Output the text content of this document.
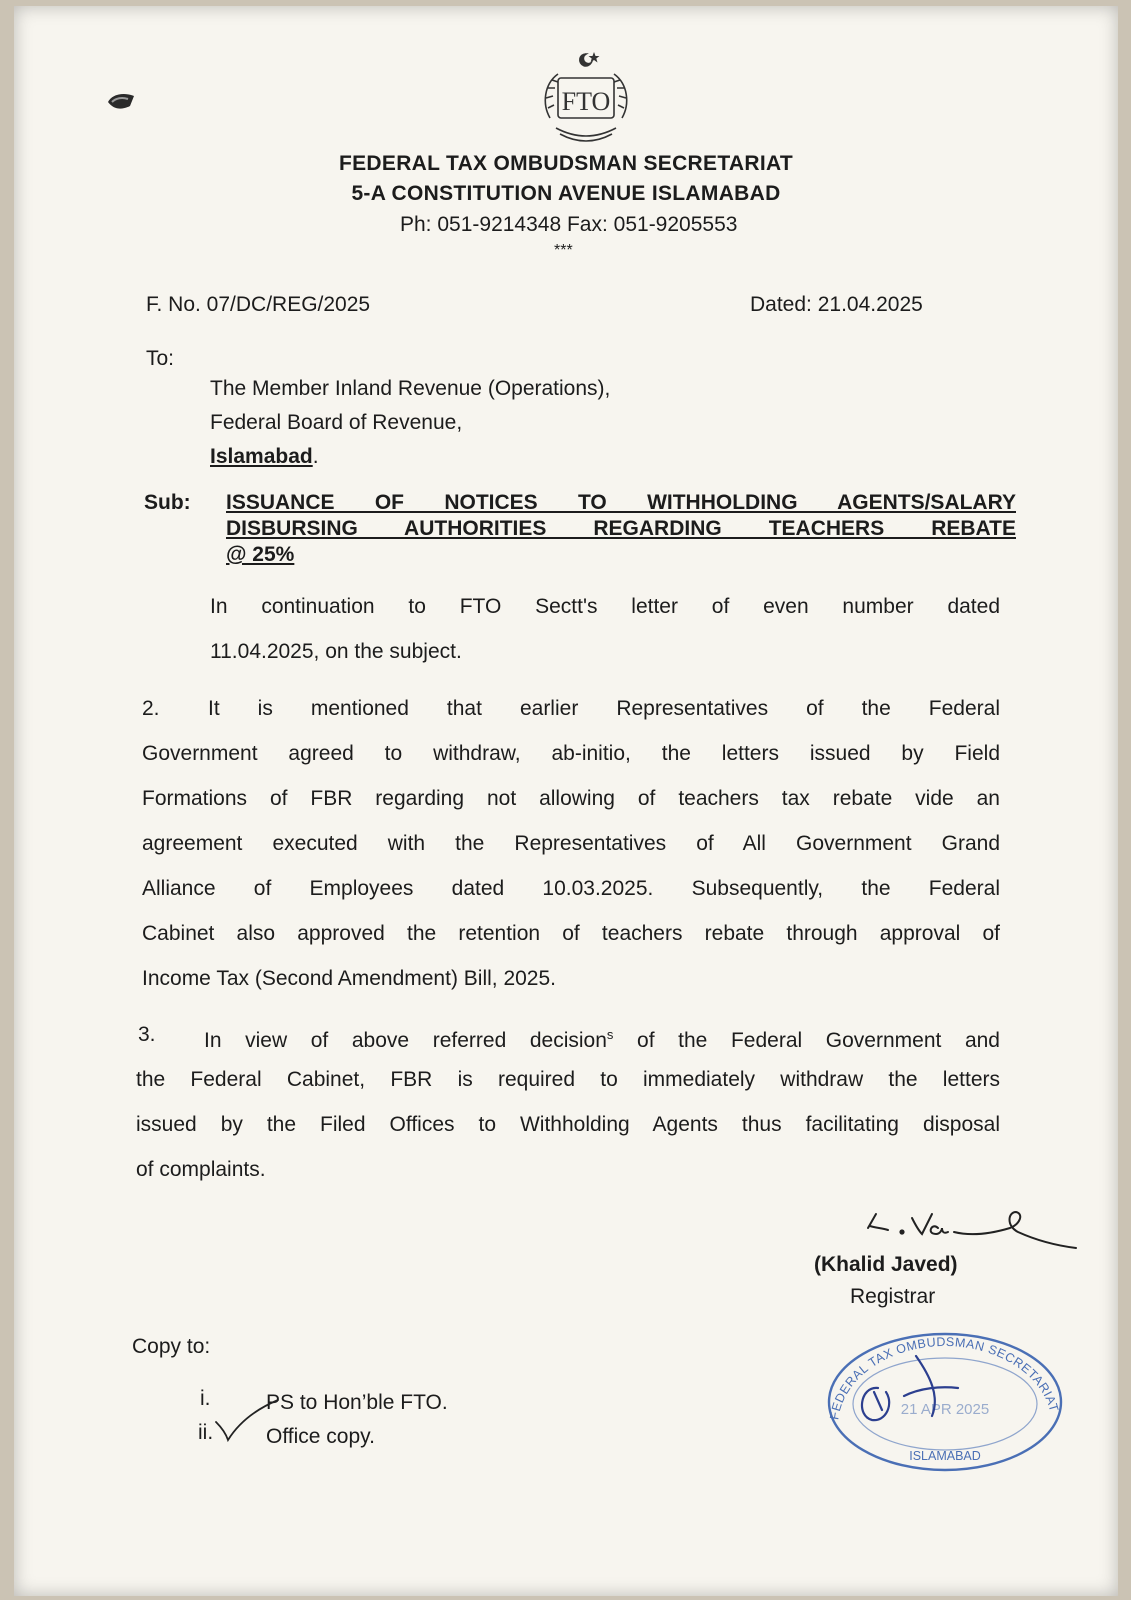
FTO
FEDERAL TAX OMBUDSMAN SECRETARIAT
5-A CONSTITUTION AVENUE ISLAMABAD
Ph: 051-9214348 Fax: 051-9205553
***
F. No. 07/DC/REG/2025	Dated: 21.04.2025
To:
The Member Inland Revenue (Operations),
Federal Board of Revenue,
Islamabad.
Sub: ISSUANCE OF NOTICES TO WITHHOLDING AGENTS/SALARY
DISBURSING AUTHORITIES REGARDING TEACHERS REBATE
@ 25%
In continuation to FTO Sectt's letter of even number dated
11.04.2025, on the subject.
2. It is mentioned that earlier Representatives of the Federal
Government agreed to withdraw, ab-initio, the letters issued by Field
Formations of FBR regarding not allowing of teachers tax rebate vide an
agreement executed with the Representatives of All Government Grand
Alliance of Employees dated 10.03.2025. Subsequently, the Federal
Cabinet also approved the retention of teachers rebate through approval of
Income Tax (Second Amendment) Bill, 2025.
3. In view of above referred decision$^s$ of the Federal Government and
the Federal Cabinet, FBR is required to immediately withdraw the letters
issued by the Filed Offices to Withholding Agents thus facilitating disposal
of complaints.
(Khalid Javed)
Registrar
FEDERAL TAX OMBUDSMAN SECRETARIAT
21 APR 2025
ISLAMABAD
Copy to:
i.	PS to Hon’ble FTO.
ii.	Office copy.
